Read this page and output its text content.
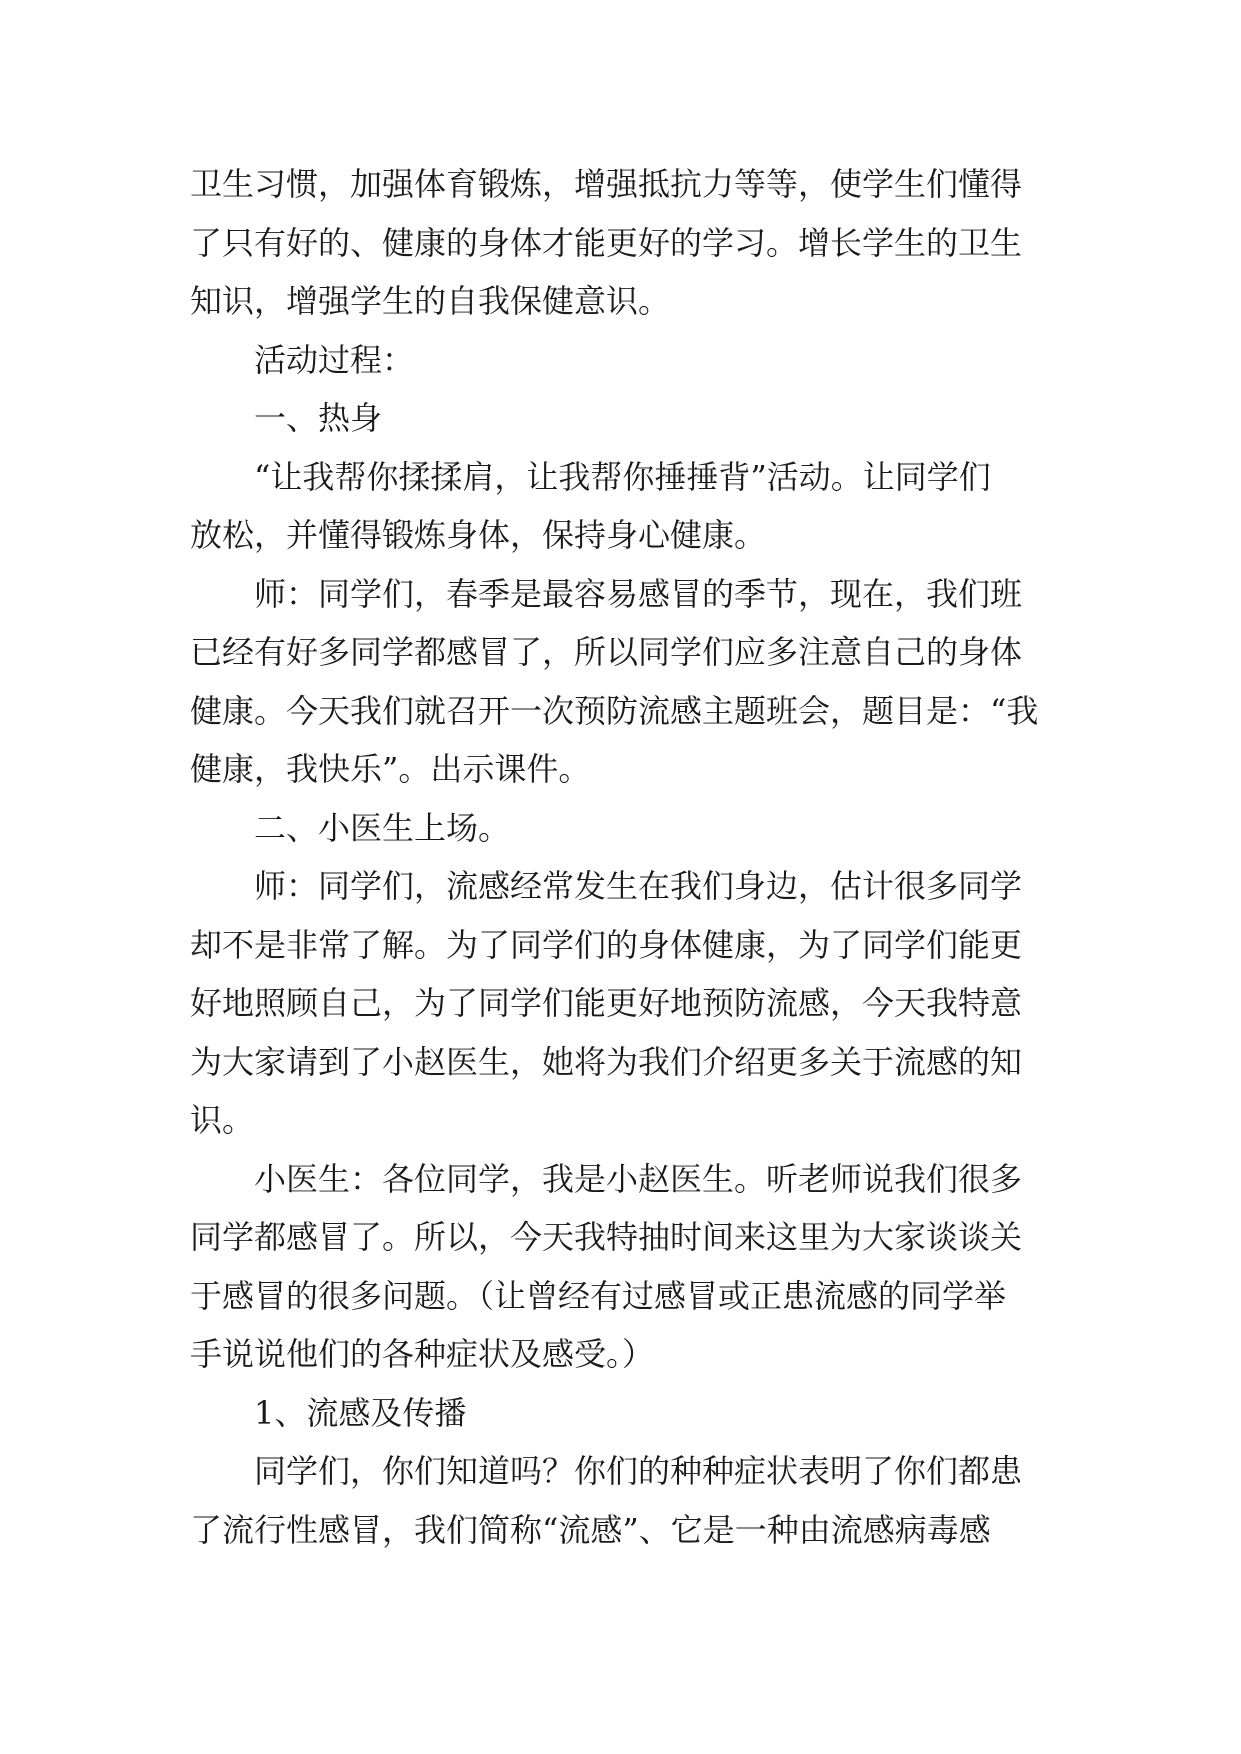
卫生习惯，加强体育锻炼，增强抵抗力等等，使学生们懂得
了只有好的、健康的身体才能更好的学习。增长学生的卫生
知识，增强学生的自我保健意识。
活动过程：
一、热身
“让我帮你揉揉肩，让我帮你捶捶背”活动。让同学们
放松，并懂得锻炼身体，保持身心健康。
师：同学们，春季是最容易感冒的季节，现在，我们班
已经有好多同学都感冒了，所以同学们应多注意自己的身体
健康。今天我们就召开一次预防流感主题班会，题目是：“我
健康，我快乐”。出示课件。
二、小医生上场。
师：同学们，流感经常发生在我们身边，估计很多同学
却不是非常了解。为了同学们的身体健康，为了同学们能更
好地照顾自己，为了同学们能更好地预防流感，今天我特意
为大家请到了小赵医生，她将为我们介绍更多关于流感的知
识。
小医生：各位同学，我是小赵医生。听老师说我们很多
同学都感冒了。所以，今天我特抽时间来这里为大家谈谈关
于感冒的很多问题。（让曾经有过感冒或正患流感的同学举
手说说他们的各种症状及感受。）
1、流感及传播
同学们，你们知道吗？你们的种种症状表明了你们都患
了流行性感冒，我们简称“流感”、它是一种由流感病毒感
